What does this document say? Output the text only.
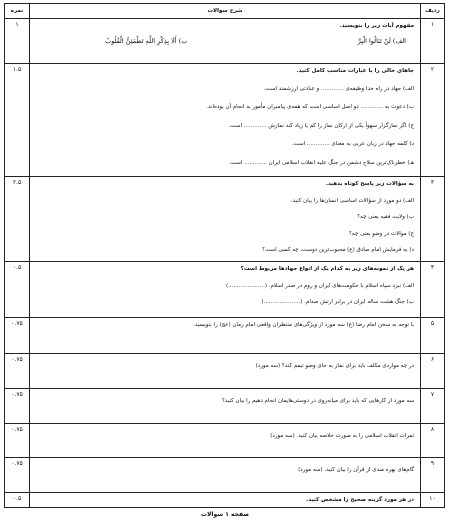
ردیف
شرح سوالات
نمره
۱
مفهوم آیات زیر را بنویسید.
الف) لَنْ تَنَالُوا الْبِرَّ
ب) أَلَا بِذِكْرِ اللَّهِ تَطْمَئِنُّ الْقُلُوبُ
۱
۲
جاهای خالی را با عبارات مناسب کامل کنید.
الف) جهاد در راه خدا وظیفه‌ی ............. و عبادتی ارزشمند است.
ب) دعوت به ............. دو اصل اساسی است که همه‌ی پیامبران مأمور به انجام آن بوده‌اند.
ج) اگر نمازگزار سهواً یکی از ارکان نماز را کم یا زیاد کند نمازش ............. است.
د) کلمه جهاد در زبان عربی به معنای ............. است.
هـ) خطرناک‌ترین سلاح دشمن در جنگ علیه انقلاب اسلامی ایران ............. است.
۱.۵
۳
به سؤالات زیر پاسخ کوتاه بدهید.
الف) دو مورد از سؤالات اساسی انسان‌ها را بیان کنید.
ب) ولایت فقیه یعنی چه؟
ج) موالات در وضو یعنی چه؟
د) به فرمایش امام صادق (ع) محبوب‌ترین دوست، چه کسی است؟
۲.۵
۴
هر یک از نمونه‌های زیر به کدام یک از انواع جهادها مربوط است؟
الف) نبرد سپاه اسلام با حکومت‌های ایران و روم در صدر اسلام. (.....................)
ب) جنگ هشت ساله ایران در برابر ارتش صدام. (.....................)
۰.۵
۵
با توجه به سخن امام رضا (ع) سه مورد از ویژگی‌های منتظران واقعی امام زمان (عج) را بنویسید.
۰.۷۵
۶
در چه مواردی مکلف باید برای نماز به جای وضو تیمم کند؟ (سه مورد)
۰.۷۵
۷
سه مورد از کارهایی که باید برای میانه‌روی در دوستی‌هایمان انجام دهیم را بیان کنید؟
۰.۷۵
۸
ثمرات انقلاب اسلامی را به صورت خلاصه بیان کنید. (سه مورد)
۰.۷۵
۹
گام‌های بهره مندی از قرآن را بیان کنید. (سه مورد)
۰.۷۵
۱۰
در هر مورد گزینه صحیح را مشخص کنید.
۰.۵
صفحه ۱ سوالات
